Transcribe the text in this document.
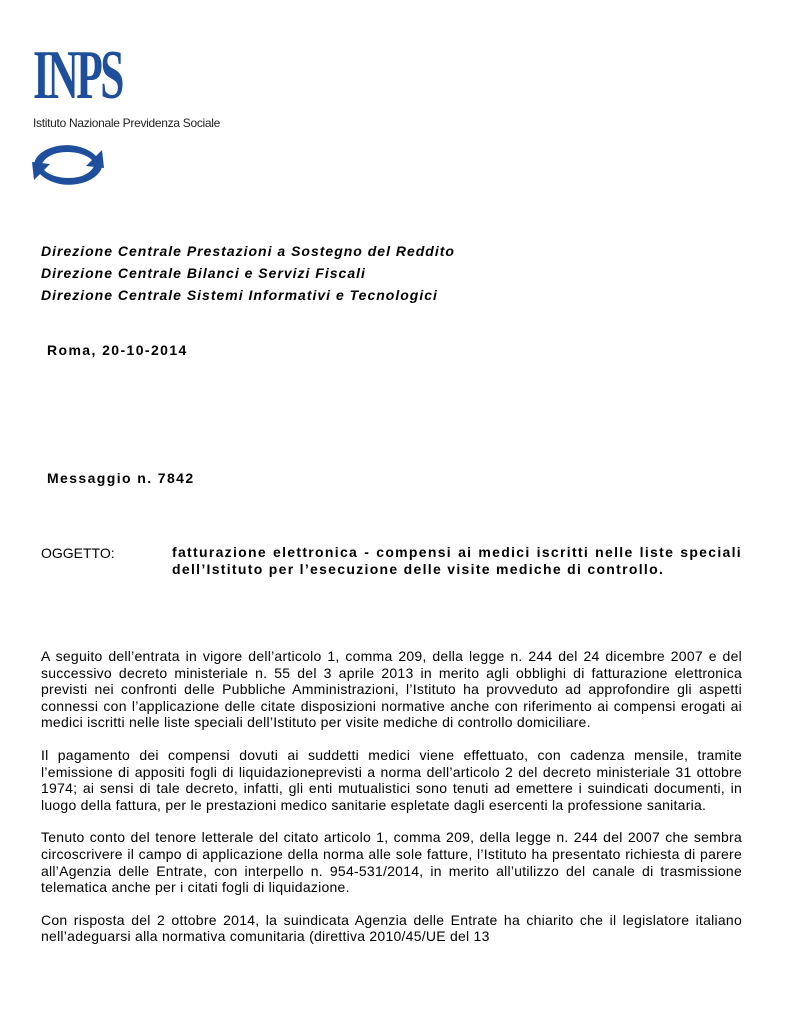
INPS
Istituto Nazionale Previdenza Sociale
Direzione Centrale Prestazioni a Sostegno del Reddito
Direzione Centrale Bilanci e Servizi Fiscali
Direzione Centrale Sistemi Informativi e Tecnologici
Roma, 20-10-2014
Messaggio n. 7842
OGGETTO:	fatturazione elettronica - compensi ai medici iscritti nelle liste speciali dell’Istituto per l’esecuzione delle visite mediche di controllo.

A seguito dell’entrata in vigore dell’articolo 1, comma 209, della legge n. 244 del 24 dicembre 2007 e del successivo decreto ministeriale n. 55 del 3 aprile 2013 in merito agli obblighi di fatturazione elettronica previsti nei confronti delle Pubbliche Amministrazioni, l’Istituto ha provveduto ad approfondire gli aspetti connessi con l’applicazione delle citate disposizioni normative anche con riferimento ai compensi erogati ai medici iscritti nelle liste speciali dell’Istituto per visite mediche di controllo domiciliare.

Il pagamento dei compensi dovuti ai suddetti medici viene effettuato, con cadenza mensile, tramite l’emissione di appositi fogli di liquidazioneprevisti a norma dell’articolo 2 del decreto ministeriale 31 ottobre 1974; ai sensi di tale decreto, infatti, gli enti mutualistici sono tenuti ad emettere i suindicati documenti, in luogo della fattura, per le prestazioni medico sanitarie espletate dagli esercenti la professione sanitaria.

Tenuto conto del tenore letterale del citato articolo 1, comma 209, della legge n. 244 del 2007 che sembra circoscrivere il campo di applicazione della norma alle sole fatture, l’Istituto ha presentato richiesta di parere all’Agenzia delle Entrate, con interpello n. 954-531/2014, in merito all’utilizzo del canale di trasmissione telematica anche per i citati fogli di liquidazione.

Con risposta del 2 ottobre 2014, la suindicata Agenzia delle Entrate ha chiarito che il legislatore italiano nell’adeguarsi alla normativa comunitaria (direttiva 2010/45/UE del 13
